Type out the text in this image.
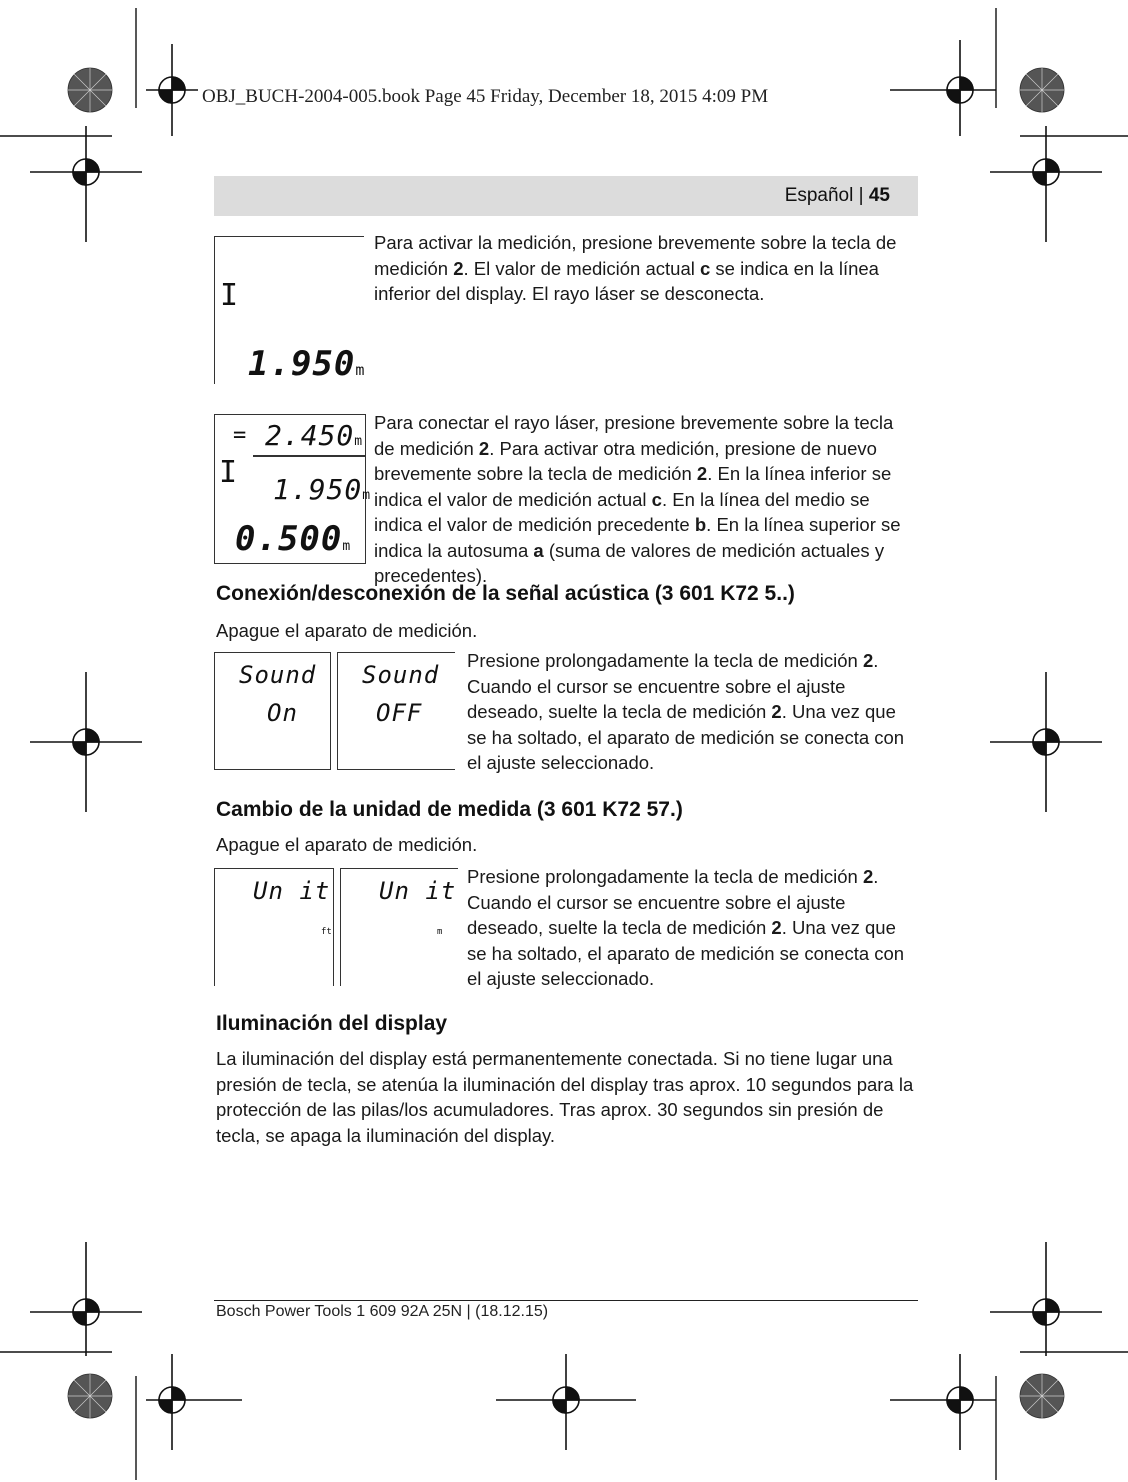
OBJ_BUCH-2004-005.book Page 45 Friday, December 18, 2015 4:09 PM
Español | 45
I
1.950m
Para activar la medición, presione brevemente sobre la tecla de medición 2. El valor de medición actual c se indica en la línea inferior del display. El rayo láser se desconecta.
= 2.450m
I 1.950m
0.500m
Para conectar el rayo láser, presione brevemente sobre la tecla de medición 2. Para activar otra medición, presione de nuevo brevemente sobre la tecla de medición 2. En la línea inferior se indica el valor de medición actual c. En la línea del medio se indica el valor de medición precedente b. En la línea superior se indica la autosuma a (suma de valores de medición actuales y precedentes).
Conexión/desconexión de la señal acústica (3 601 K72 5..)
Apague el aparato de medición.
Sound
On
Sound
OFF
Presione prolongadamente la tecla de medición 2. Cuando el cursor se encuentre sobre el ajuste deseado, suelte la tecla de medición 2. Una vez que se ha soltado, el aparato de medición se conecta con el ajuste seleccionado.
Cambio de la unidad de medida (3 601 K72 57.)
Apague el aparato de medición.
Un it
ft
Un it
m
Presione prolongadamente la tecla de medición 2. Cuando el cursor se encuentre sobre el ajuste deseado, suelte la tecla de medición 2. Una vez que se ha soltado, el aparato de medición se conecta con el ajuste seleccionado.
Iluminación del display
La iluminación del display está permanentemente conectada. Si no tiene lugar una presión de tecla, se atenúa la iluminación del display tras aprox. 10 segundos para la protección de las pilas/los acumuladores. Tras aprox. 30 segundos sin presión de tecla, se apaga la iluminación del display.
Bosch Power Tools 1 609 92A 25N | (18.12.15)
